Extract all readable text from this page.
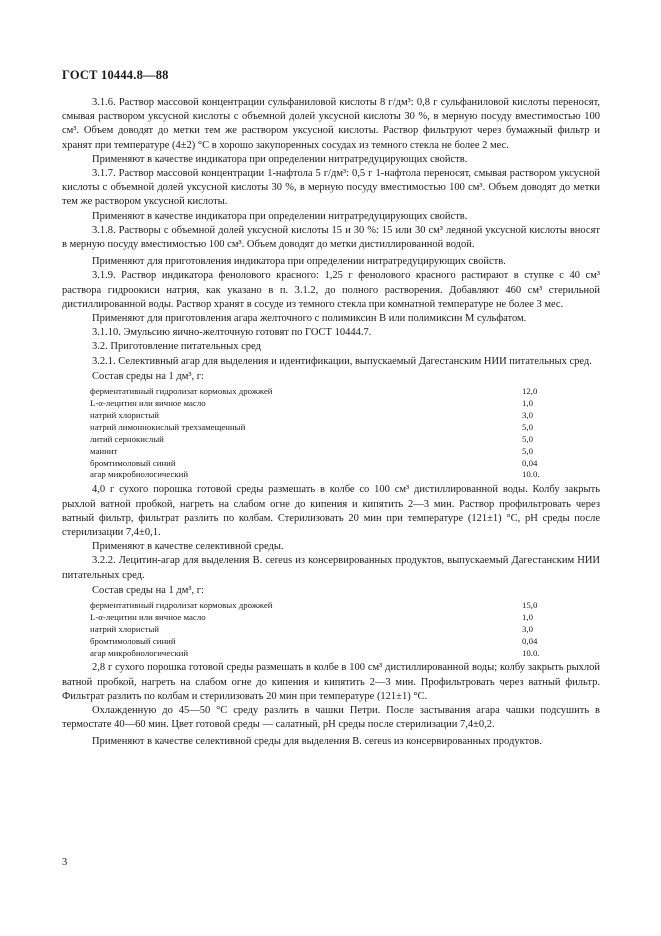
ГОСТ 10444.8—88

3.1.6. Раствор массовой концентрации сульфаниловой кислоты 8 г/дм³: 0,8 г сульфаниловой кислоты переносят, смывая раствором уксусной кислоты с объемной долей уксусной кислоты 30 %, в мерную посуду вместимостью 100 см³. Объем доводят до метки тем же раствором уксусной кислоты. Раствор фильтруют через бумажный фильтр и хранят при температуре (4±2) °С в хорошо закупоренных сосудах из темного стекла не более 2 мес.

Применяют в качестве индикатора при определении нитратредуцирующих свойств.

3.1.7. Раствор массовой концентрации 1-нафтола 5 г/дм³: 0,5 г 1-нафтола переносят, смывая раствором уксусной кислоты с объемной долей уксусной кислоты 30 %, в мерную посуду вместимостью 100 см³. Объем доводят до метки тем же раствором уксусной кислоты.

Применяют в качестве индикатора при определении нитратредуцирующих свойств.

3.1.8. Растворы с объемной долей уксусной кислоты 15 и 30 %: 15 или 30 см³ ледяной уксусной кислоты вносят в мерную посуду вместимостью 100 см³. Объем доводят до метки дистиллированной водой.

Применяют для приготовления индикатора при определении нитратредуцирующих свойств.

3.1.9. Раствор индикатора фенолового красного: 1,25 г фенолового красного растирают в ступке с 40 см³ раствора гидроокиси натрия, как указано в п. 3.1.2, до полного растворения. Добавляют 460 см³ стерильной дистиллированной воды. Раствор хранят в сосуде из темного стекла при комнатной температуре не более 3 мес.

Применяют для приготовления агара желточного с полимиксин В или полимиксин М сульфатом.

3.1.10. Эмульсию яично-желточную готовят по ГОСТ 10444.7.

3.2. Приготовление питательных сред

3.2.1. Селективный агар для выделения и идентификации, выпускаемый Дагестанским НИИ питательных сред.

Состав среды на 1 дм³, г:
ферментативный гидролизат кормовых дрожжей	12,0
L-α-лецитин или яичное масло	1,0
натрий хлористый	3,0
натрий лимоннокислый трехзамещенный	5,0
литий сернокислый	5,0
маннит	5,0
бромтимоловый синий	0,04
агар микробиологический	10.0.

4,0 г сухого порошка готовой среды размешать в колбе со 100 см³ дистиллированной воды. Колбу закрыть рыхлой ватной пробкой, нагреть на слабом огне до кипения и кипятить 2—3 мин. Раствор профильтровать через ватный фильтр, фильтрат разлить по колбам. Стерилизовать 20 мин при температуре (121±1) °С, рН среды после стерилизации 7,4±0,1.

Применяют в качестве селективной среды.

3.2.2. Лецитин-агар для выделения В. cereus из консервированных продуктов, выпускаемый Дагестанским НИИ питательных сред.

Состав среды на 1 дм³, г:
ферментативный гидролизат кормовых дрожжей	15,0
L-α-лецитин или яичное масло	1,0
натрий хлористый	3,0
бромтимоловый синий	0,04
агар микробиологический	10.0.

2,8 г сухого порошка готовой среды размешать в колбе в 100 см³ дистиллированной воды; колбу закрыть рыхлой ватной пробкой, нагреть на слабом огне до кипения и кипятить 2—3 мин. Профильтровать через ватный фильтр. Фильтрат разлить по колбам и стерилизовать 20 мин при температуре (121±1) °С.

Охлажденную до 45—50 °С среду разлить в чашки Петри. После застывания агара чашки подсушить в термостате 40—60 мин. Цвет готовой среды — салатный, рН среды после стерилизации 7,4±0,2.

Применяют в качестве селективной среды для выделения В. cereus из консервированных продуктов.

3
